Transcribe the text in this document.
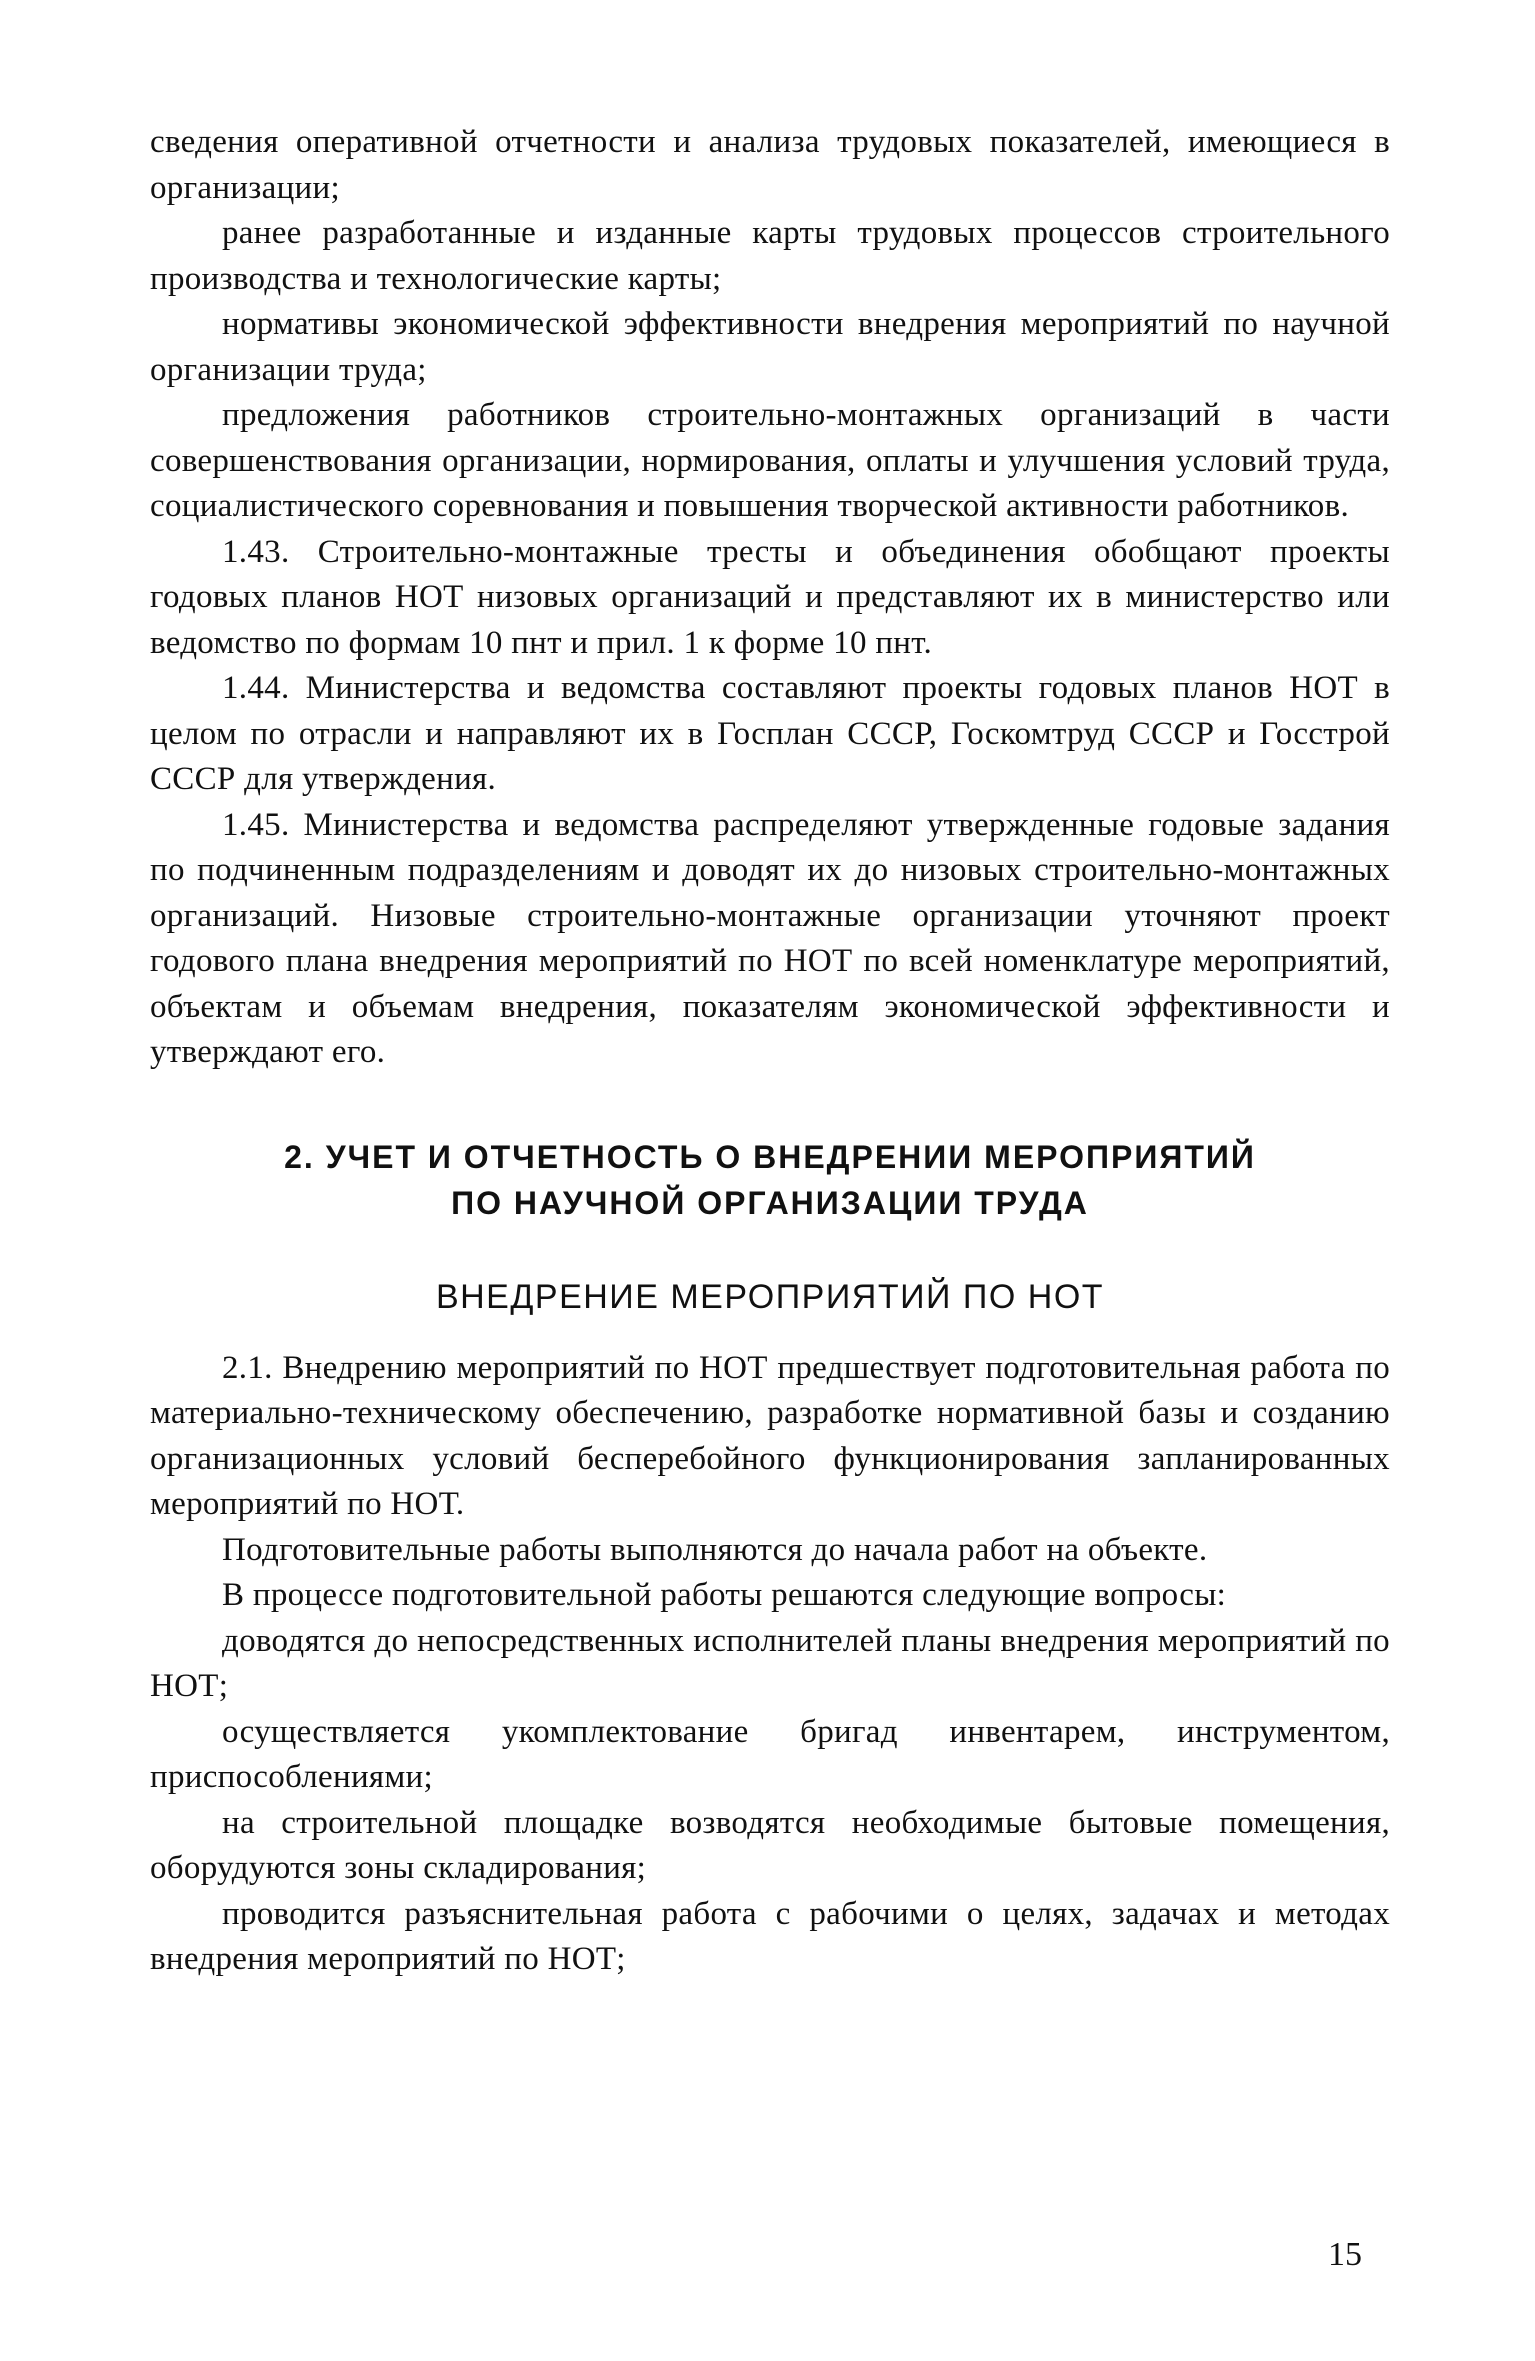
сведения оперативной отчетности и анализа трудовых показателей, имеющиеся в организации;

ранее разработанные и изданные карты трудовых процессов строительного производства и технологические карты;

нормативы экономической эффективности внедрения мероприятий по научной организации труда;

предложения работников строительно-монтажных организаций в части совершенствования организации, нормирования, оплаты и улучшения условий труда, социалистического соревнования и повышения творческой активности работников.

1.43. Строительно-монтажные тресты и объединения обобщают проекты годовых планов НОТ низовых организаций и представляют их в министерство или ведомство по формам 10 пнт и прил. 1 к форме 10 пнт.

1.44. Министерства и ведомства составляют проекты годовых планов НОТ в целом по отрасли и направляют их в Госплан СССР, Госкомтруд СССР и Госстрой СССР для утверждения.

1.45. Министерства и ведомства распределяют утвержденные годовые задания по подчиненным подразделениям и доводят их до низовых строительно-монтажных организаций. Низовые строительно-монтажные организации уточняют проект годового плана внедрения мероприятий по НОТ по всей номенклатуре мероприятий, объектам и объемам внедрения, показателям экономической эффективности и утверждают его.

2. УЧЕТ И ОТЧЕТНОСТЬ О ВНЕДРЕНИИ МЕРОПРИЯТИЙ
ПО НАУЧНОЙ ОРГАНИЗАЦИИ ТРУДА
ВНЕДРЕНИЕ МЕРОПРИЯТИЙ ПО НОТ

2.1. Внедрению мероприятий по НОТ предшествует подготовительная работа по материально-техническому обеспечению, разработке нормативной базы и созданию организационных условий бесперебойного функционирования запланированных мероприятий по НОТ.

Подготовительные работы выполняются до начала работ на объекте.

В процессе подготовительной работы решаются следующие вопросы:

доводятся до непосредственных исполнителей планы внедрения мероприятий по НОТ;

осуществляется укомплектование бригад инвентарем, инструментом, приспособлениями;

на строительной площадке возводятся необходимые бытовые помещения, оборудуются зоны складирования;

проводится разъяснительная работа с рабочими о целях, задачах и методах внедрения мероприятий по НОТ;

15
